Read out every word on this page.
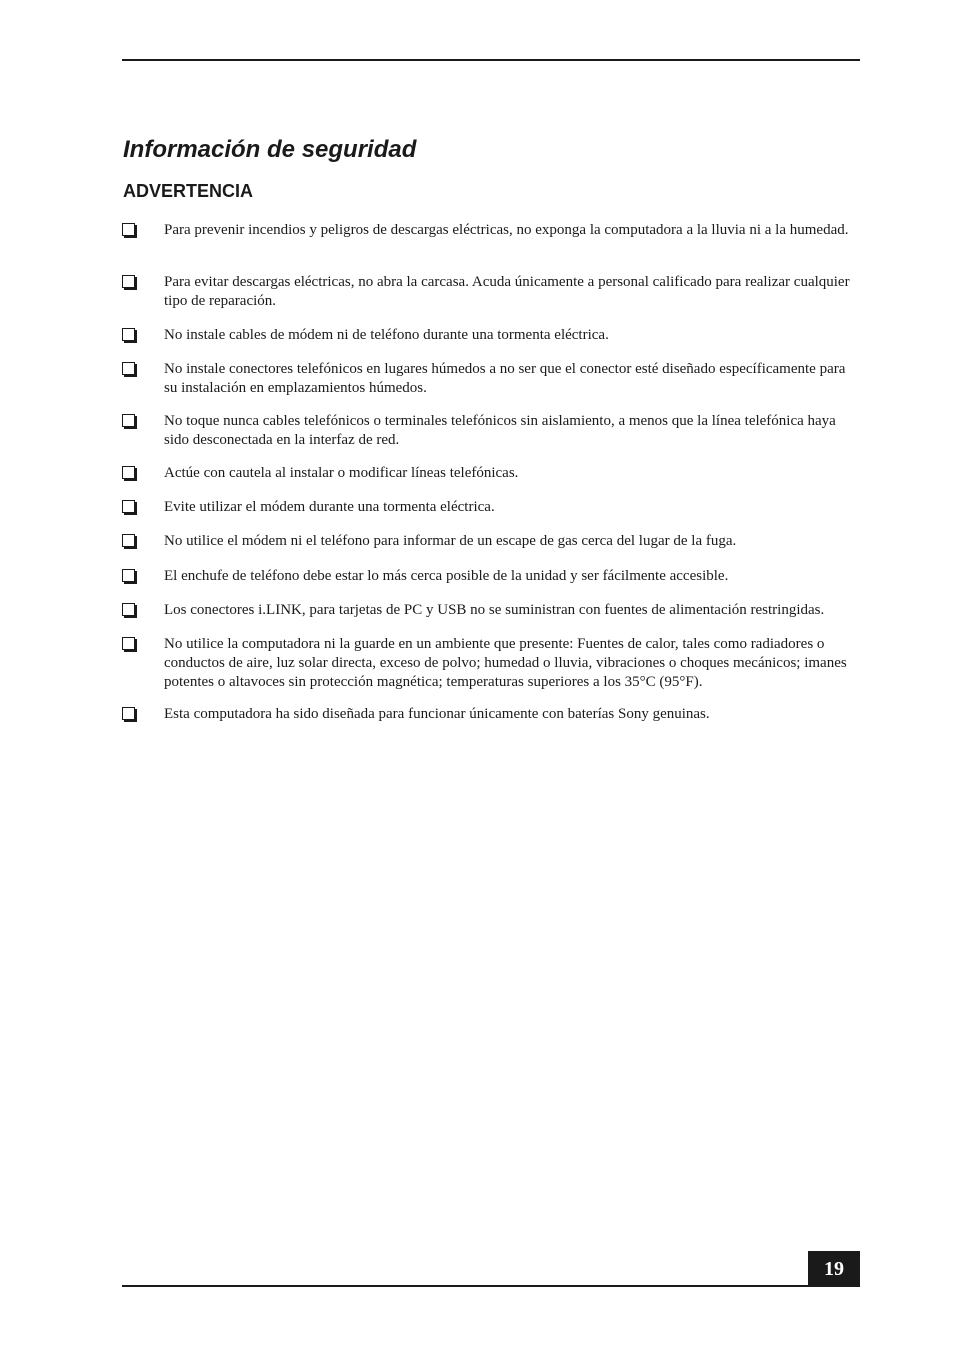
Información de seguridad
ADVERTENCIA
Para prevenir incendios y peligros de descargas eléctricas, no exponga la computadora a la lluvia ni a la humedad.
Para evitar descargas eléctricas, no abra la carcasa. Acuda únicamente a personal calificado para realizar cualquier tipo de reparación.
No instale cables de módem ni de teléfono durante una tormenta eléctrica.
No instale conectores telefónicos en lugares húmedos a no ser que el conector esté diseñado específicamente para su instalación en emplazamientos húmedos.
No toque nunca cables telefónicos o terminales telefónicos sin aislamiento, a menos que la línea telefónica haya sido desconectada en la interfaz de red.
Actúe con cautela al instalar o modificar líneas telefónicas.
Evite utilizar el módem durante una tormenta eléctrica.
No utilice el módem ni el teléfono para informar de un escape de gas cerca del lugar de la fuga.
El enchufe de teléfono debe estar lo más cerca posible de la unidad y ser fácilmente accesible.
Los conectores i.LINK, para tarjetas de PC y USB no se suministran con fuentes de alimentación restringidas.
No utilice la computadora ni la guarde en un ambiente que presente: Fuentes de calor, tales como radiadores o conductos de aire, luz solar directa, exceso de polvo; humedad o lluvia, vibraciones o choques mecánicos; imanes potentes o altavoces sin protección magnética; temperaturas superiores a los 35°C (95°F).
Esta computadora ha sido diseñada para funcionar únicamente con baterías Sony genuinas.
19
